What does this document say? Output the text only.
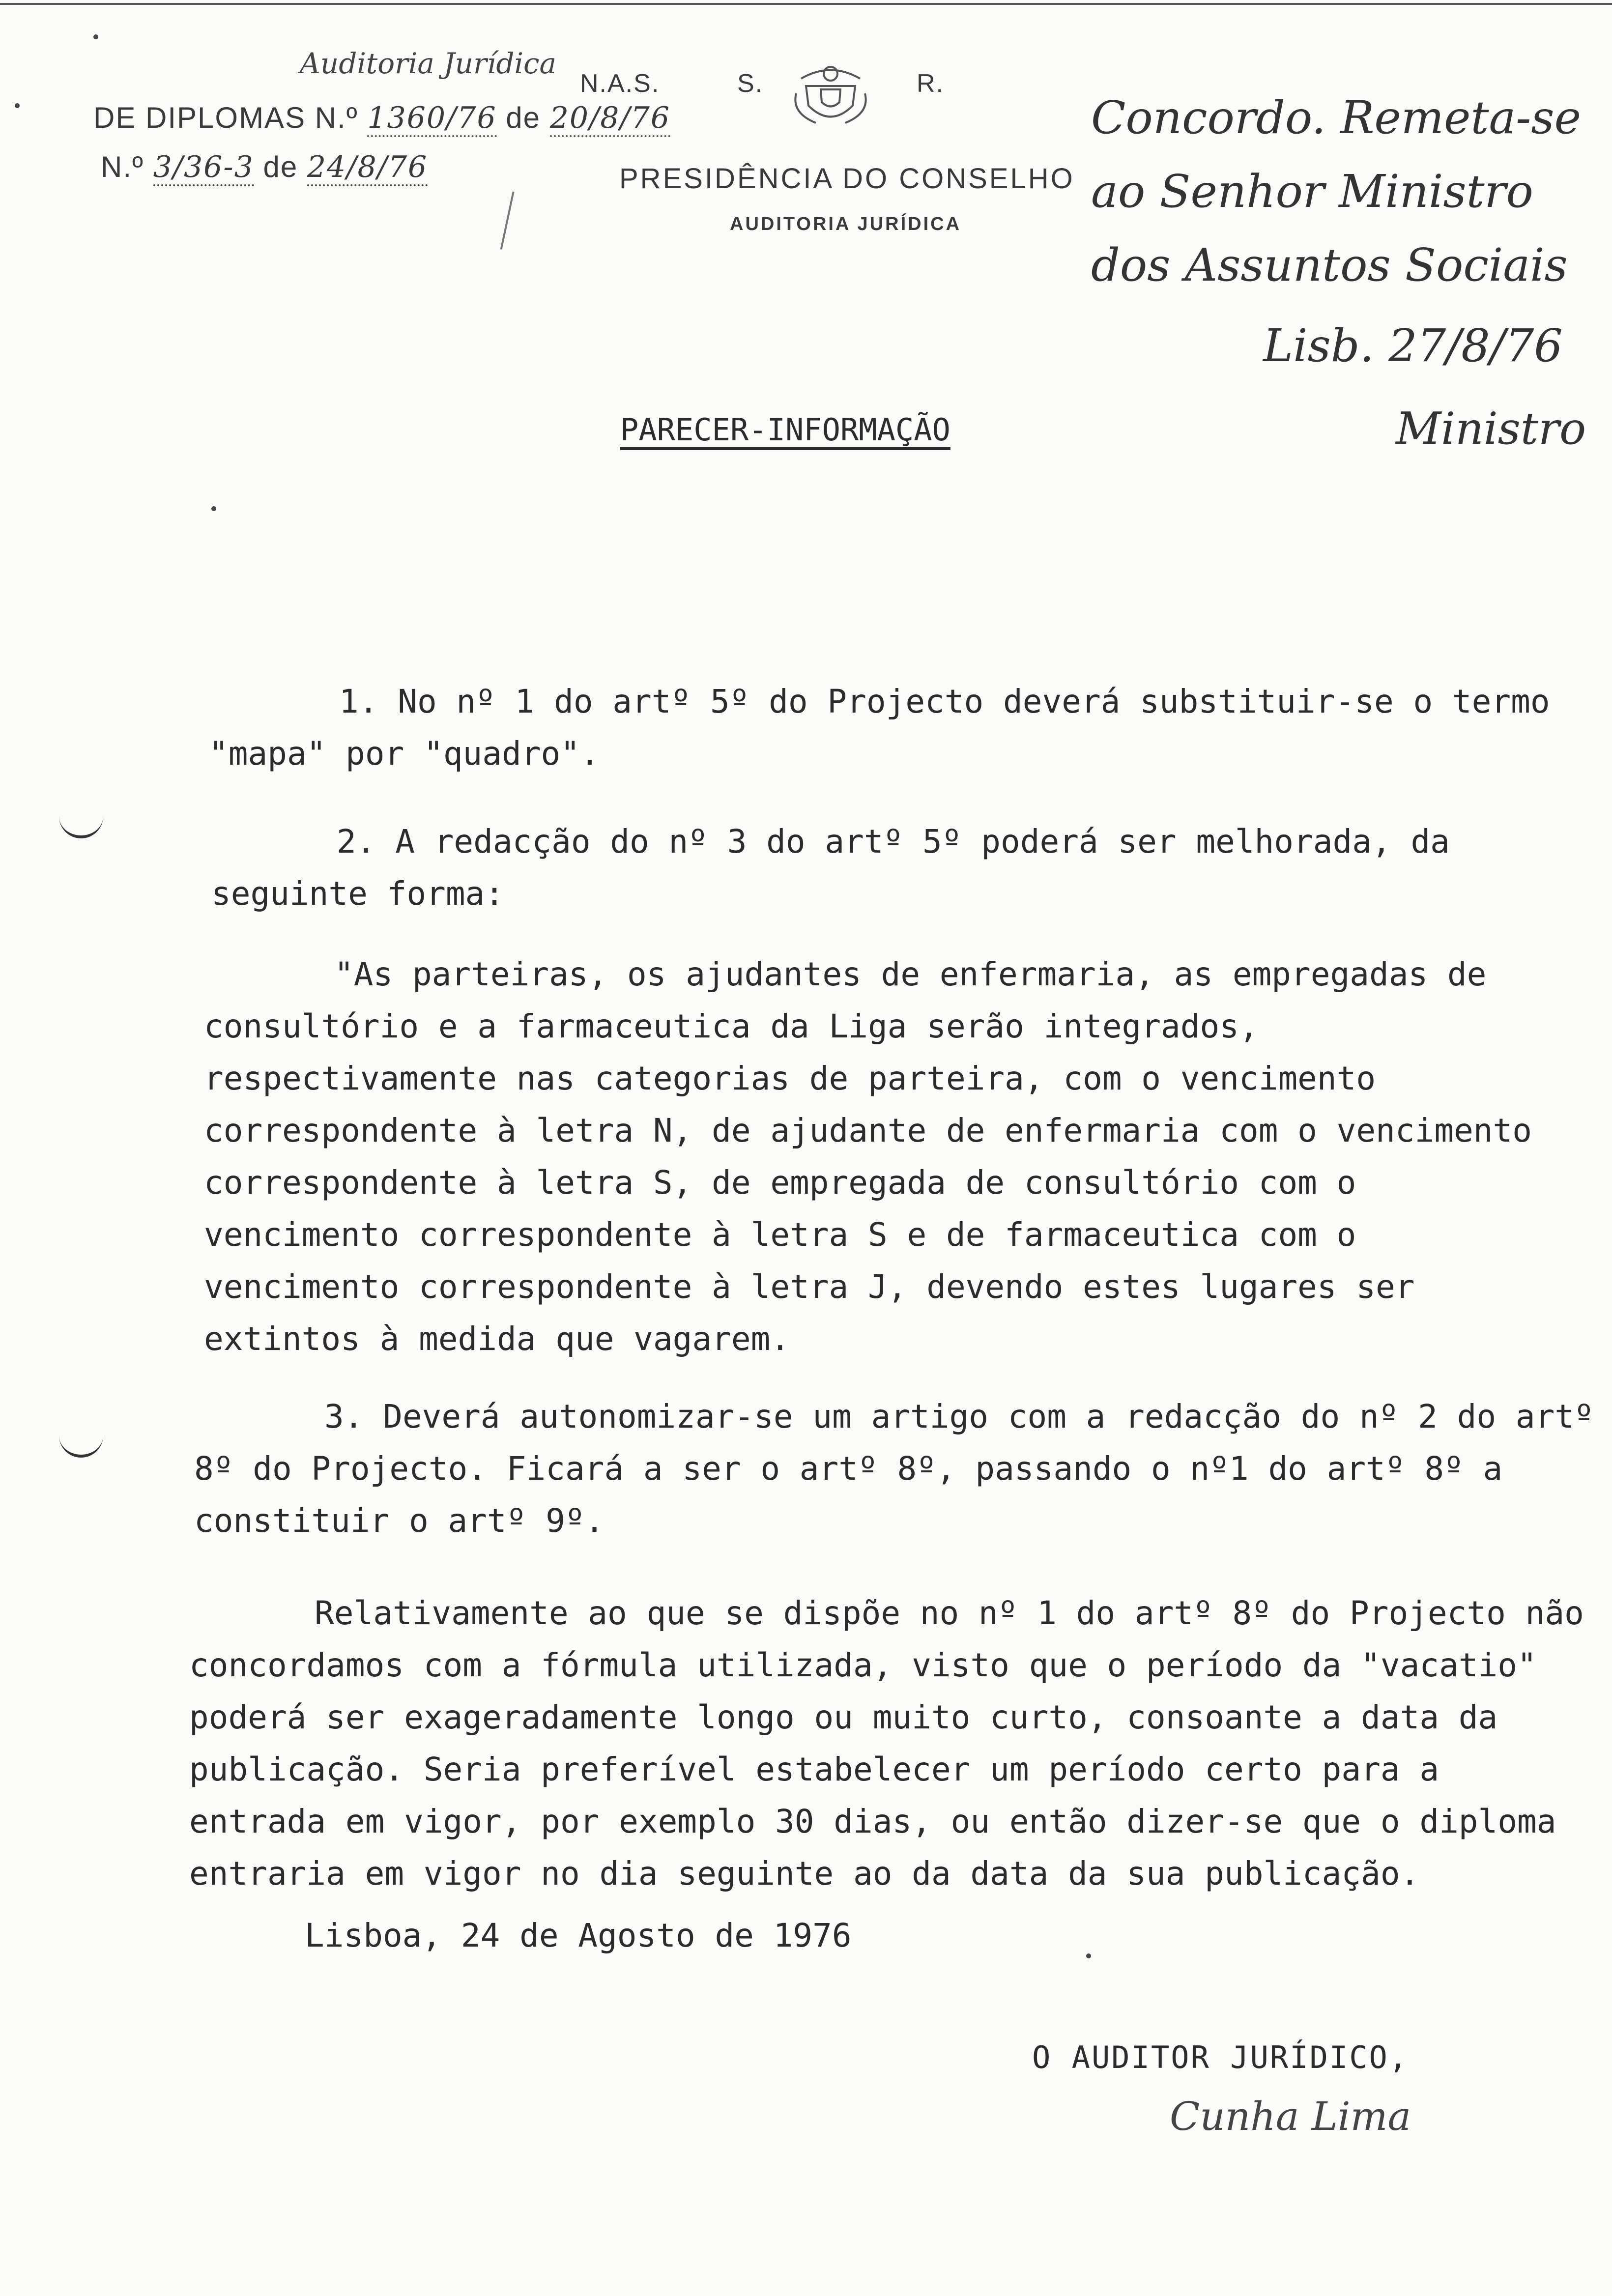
Auditoria Jurídica
N.A.S.	S.	R.
DE DIPLOMAS N.º 1360/76 de 20/8/76
N.º 3/36-3 de 24/8/76	PRESIDÊNCIA DO CONSELHO
AUDITORIA JURÍDICA
Concordo. Remeta-se ao Senhor Ministro dos Assuntos Sociais
Lisb. 27/8/76
Ministro
PARECER-INFORMAÇÃO
1. No nº 1 do artº 5º do Projecto deverá substituir-se o termo "mapa" por "quadro".
2. A redacção do nº 3 do artº 5º poderá ser melhorada, da seguinte forma:
"As parteiras, os ajudantes de enfermaria, as empregadas de consultório e a farmaceutica da Liga serão integrados, respectivamente nas categorias de parteira, com o vencimento correspondente à letra N, de ajudante de enfermaria com o vencimento correspondente à letra S, de empregada de consultório com o vencimento correspondente à letra S e de farmaceutica com o vencimento correspondente à letra J, devendo estes lugares ser extintos à medida que vagarem.
3. Deverá autonomizar-se um artigo com a redacção do nº 2 do artº 8º do Projecto. Ficará a ser o artº 8º, passando o nº1 do artº 8º a constituir o artº 9º.
Relativamente ao que se dispõe no nº 1 do artº 8º do Projecto não concordamos com a fórmula utilizada, visto que o período da "vacatio" poderá ser exageradamente longo ou muito curto, consoante a data da publicação. Seria preferível estabelecer um período certo para a entrada em vigor, por exemplo 30 dias, ou então dizer-se que o diploma entraria em vigor no dia seguinte ao da data da sua publicação.
Lisboa, 24 de Agosto de 1976
O AUDITOR JURÍDICO,
Cunha Lima
